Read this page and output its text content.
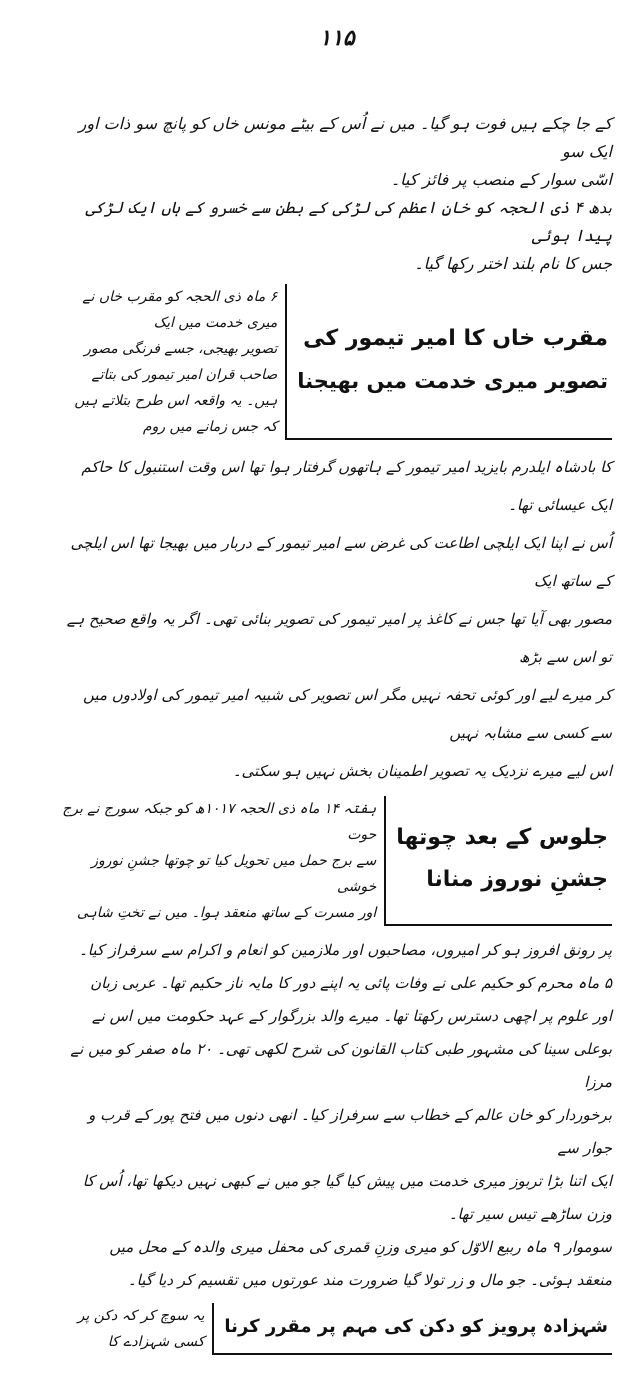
۱۱۵
کے جا چکے ہیں فوت ہو گیا۔ میں نے اُس کے بیٹے مونس خاں کو پانچ سو ذات اور ایک سو
اسّی سوار کے منصب پر فائز کیا۔
بدھ ۴ ذی الحجہ کو خانِ اعظم کی لڑکی کے بطن سے خسرو کے ہاں ایک لڑکی پیدا ہوئی
جس کا نام بلند اختر رکھا گیا۔
مقرب خاں کا امیر تیمور کی
تصویر میری خدمت میں بھیجنا
۶ ماہ ذی الحجہ کو مقرب خاں نے میری خدمت میں ایک
تصویر بھیجی، جسے فرنگی مصور صاحب قران امیر تیمور کی بتاتے
ہیں۔ یہ واقعہ اس طرح بتلاتے ہیں کہ جس زمانے میں روم
کا بادشاہ ایلدرم بایزید امیر تیمور کے ہاتھوں گرفتار ہوا تھا اس وقت استنبول کا حاکم ایک عیسائی تھا۔
اُس نے اپنا ایک ایلچی اطاعت کی غرض سے امیر تیمور کے دربار میں بھیجا تھا اس ایلچی کے ساتھ ایک
مصور بھی آیا تھا جس نے کاغذ پر امیر تیمور کی تصویر بنائی تھی۔ اگر یہ واقع صحیح ہے تو اس سے بڑھ
کر میرے لیے اور کوئی تحفہ نہیں مگر اس تصویر کی شبیہ امیر تیمور کی اولادوں میں سے کسی سے مشابہ نہیں
اس لیے میرے نزدیک یہ تصویر اطمینان بخش نہیں ہو سکتی۔
جلوس کے بعد چوتھا
جشنِ نوروز منانا
ہفتہ ۱۴ ماہ ذی الحجہ ۱۰۱۷ھ کو جبکہ سورج نے برج حوت
سے برج حمل میں تحویل کیا تو چوتھا جشنِ نوروز خوشی
اور مسرت کے ساتھ منعقد ہوا۔ میں نے تختِ شاہی
پر رونق افروز ہو کر امیروں، مصاحبوں اور ملازمین کو انعام و اکرام سے سرفراز کیا۔
۵ ماہ محرم کو حکیم علی نے وفات پائی یہ اپنے دور کا مایہ ناز حکیم تھا۔ عربی زبان
اور علوم پر اچھی دسترس رکھتا تھا۔ میرے والد بزرگوار کے عہد حکومت میں اس نے
بوعلی سینا کی مشہور طبی کتاب القانون کی شرح لکھی تھی۔ ۲۰ ماہ صفر کو میں نے مرزا
برخوردار کو خان عالم کے خطاب سے سرفراز کیا۔ انھی دنوں میں فتح پور کے قرب و جوار سے
ایک اتنا بڑا تربوز میری خدمت میں پیش کیا گیا جو میں نے کبھی نہیں دیکھا تھا، اُس کا
وزن ساڑھے تیس سیر تھا۔
سوموار ۹ ماہ ربیع الاوّل کو میری وزنِ قمری کی محفل میری والدہ کے محل میں
منعقد ہوئی۔ جو مال و زر تولا گیا ضرورت مند عورتوں میں تقسیم کر دیا گیا۔
شہزادہ پرویز کو دکن کی مہم پر مقرر کرنا
یہ سوچ کر کہ دکن پر کسی شہزادے کا
